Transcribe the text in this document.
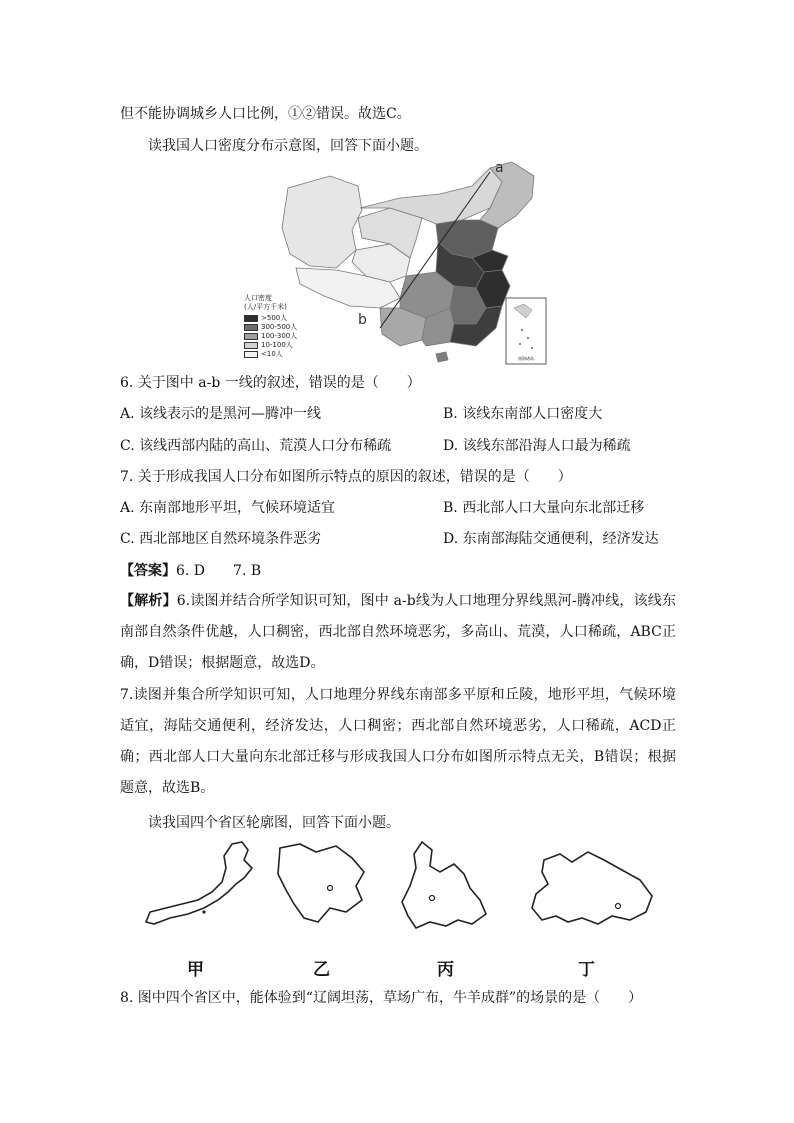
但不能协调城乡人口比例，①②错误。故选C。
读我国人口密度分布示意图，回答下面小题。
南海诸岛
a
b
人口密度
(人/平方千米)
>500人
300-500人
100-300人
10-100人
<10人
6. 关于图中 a-b 一线的叙述，错误的是（　　）
A. 该线表示的是黑河—腾冲一线	B. 该线东南部人口密度大
C. 该线西部内陆的高山、荒漠人口分布稀疏	D. 该线东部沿海人口最为稀疏
7. 关于形成我国人口分布如图所示特点的原因的叙述，错误的是（　　）
A. 东南部地形平坦，气候环境适宜	B. 西北部人口大量向东北部迁移
C. 西北部地区自然环境条件恶劣	D. 东南部海陆交通便利，经济发达
【答案】6. D　　7. B
【解析】6.读图并结合所学知识可知，图中 a-b线为人口地理分界线黑河-腾冲线，该线东南部自然条件优越，人口稠密，西北部自然环境恶劣，多高山、荒漠，人口稀疏，ABC正确，D错误；根据题意，故选D。
7.读图并集合所学知识可知，人口地理分界线东南部多平原和丘陵，地形平坦，气候环境适宜，海陆交通便利，经济发达，人口稠密；西北部自然环境恶劣，人口稀疏，ACD正确；西北部人口大量向东北部迁移与形成我国人口分布如图所示特点无关，B错误；根据题意，故选B。
读我国四个省区轮廓图，回答下面小题。
甲	乙	丙	丁
8. 图中四个省区中，能体验到“辽阔坦荡，草场广布，牛羊成群”的场景的是（　　）
